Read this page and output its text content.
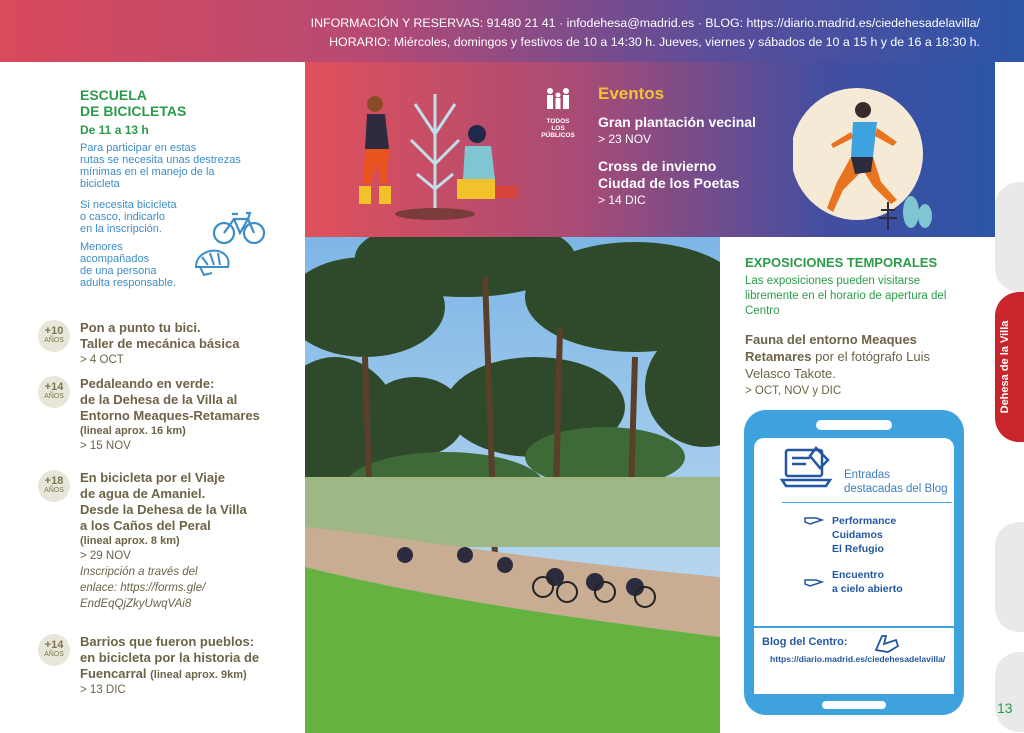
INFORMACIÓN Y RESERVAS: 91480 21 41 · infodehesa@madrid.es · BLOG: https://diario.madrid.es/ciedehesadelavilla/
HORARIO: Miércoles, domingos y festivos de 10 a 14:30 h. Jueves, viernes y sábados de 10 a 15 h y de 16 a 18:30 h.
ESCUELA
DE BICICLETAS
De 11 a 13 h
Para participar en estas
rutas se necesita unas destrezas
mínimas en el manejo de la
bicicleta
Si necesita bicicleta
o casco, indicarlo
en la inscripción.
Menores
acompañados
de una persona
adulta responsable.
+10
AÑOS
Pon a punto tu bici.
Taller de mecánica básica
> 4 OCT
+14
AÑOS
Pedaleando en verde:
de la Dehesa de la Villa al
Entorno Meaques-Retamares
(lineal aprox. 16 km)
> 15 NOV
+18
AÑOS
En bicicleta por el Viaje
de agua de Amaniel.
Desde la Dehesa de la Villa
a los Caños del Peral
(lineal aprox. 8 km)
> 29 NOV
Inscripción a través del
enlace: https://forms.gle/
EndEqQjZkyUwqVAi8
+14
AÑOS
Barrios que fueron pueblos:
en bicicleta por la historia de
Fuencarral (lineal aprox. 9km)
> 13 DIC
TODOS
LOS
PÚBLICOS
Eventos
Gran plantación vecinal
> 23 NOV
Cross de invierno
Ciudad de los Poetas
> 14 DIC
EXPOSICIONES TEMPORALES
Las exposiciones pueden visitarse libremente en el horario de apertura del Centro
Fauna del entorno Meaques Retamares por el fotógrafo Luis Velasco Takote.
> OCT, NOV y DIC
Entradas
destacadas del Blog
Performance
Cuidamos
El Refugio
Encuentro
a cielo abierto
Blog del Centro:
https://diario.madrid.es/ciedehesadelavilla/
Dehesa de la Villa
13
